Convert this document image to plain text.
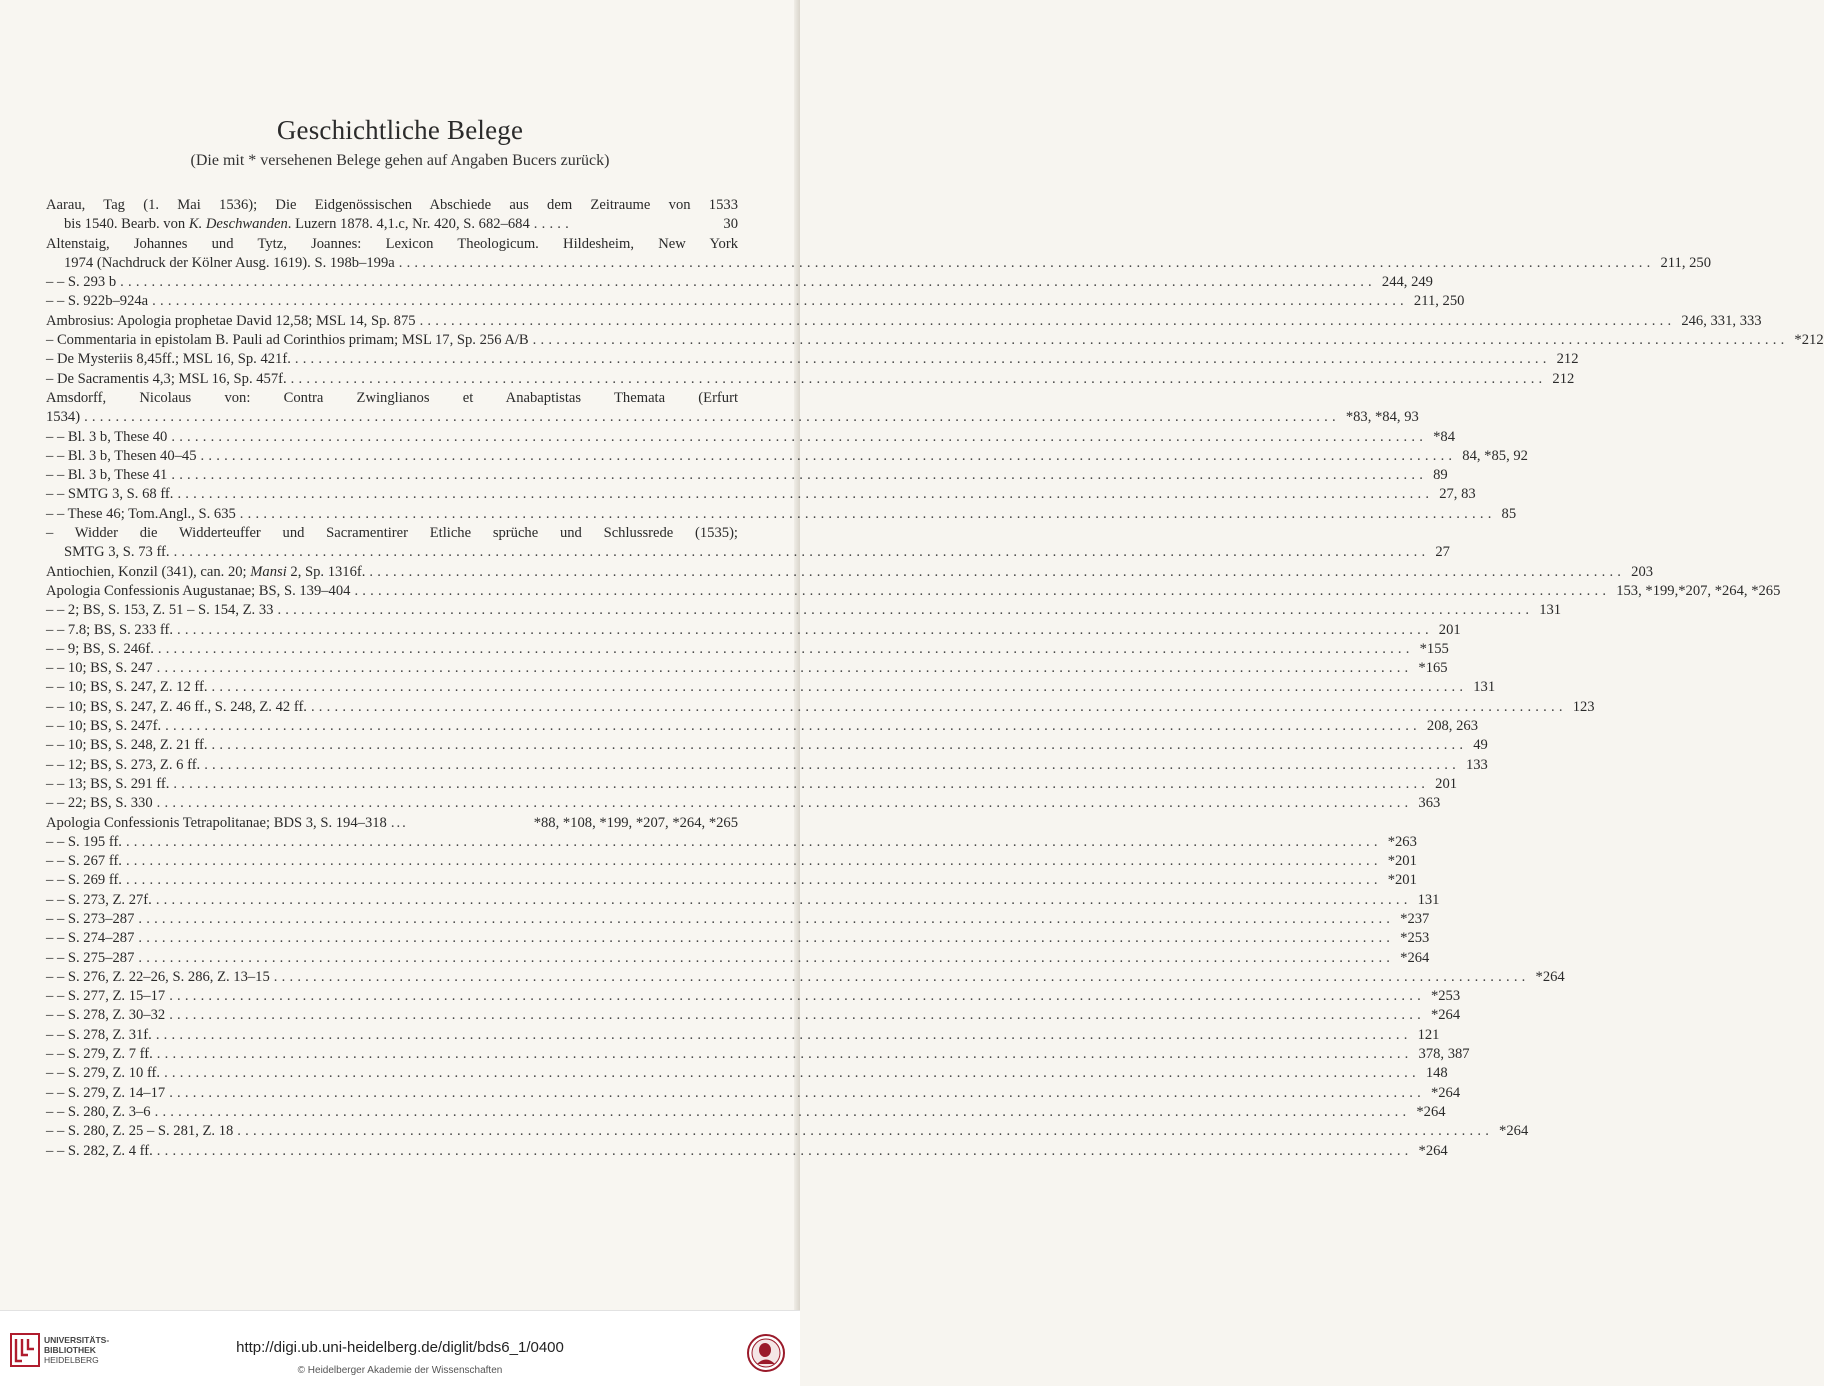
Geschichtliche Belege
(Die mit * versehenen Belege gehen auf Angaben Bucers zurück)
Aarau, Tag (1. Mai 1536); Die Eidgenössischen Abschiede aus dem Zeitraume von 1533
bis 1540. Bearb. von K. Deschwanden. Luzern 1878. 4,1.c, Nr. 420, S. 682–684 .....	30
Altenstaig, Johannes und Tytz, Joannes: Lexicon Theologicum. Hildesheim, New York
1974 (Nachdruck der Kölner Ausg. 1619). S. 198b–199a ................................................................................................................................................................ 211, 250
– – S. 293 b ................................................................................................................................................................ 244, 249
– – S. 922b–924a ................................................................................................................................................................ 211, 250
Ambrosius: Apologia prophetae David 12,58; MSL 14, Sp. 875 ................................................................................................................................................................ 246, 331, 333
– Commentaria in epistolam B. Pauli ad Corinthios primam; MSL 17, Sp. 256 A/B ................................................................................................................................................................ *212
– De Mysteriis 8,45ff.; MSL 16, Sp. 421f. ................................................................................................................................................................ 212
– De Sacramentis 4,3; MSL 16, Sp. 457f. ................................................................................................................................................................ 212
Amsdorff, Nicolaus von: Contra Zwinglianos et Anabaptistas Themata (Erfurt
1534) ................................................................................................................................................................ *83, *84, 93
– – Bl. 3 b, These 40 ................................................................................................................................................................ *84
– – Bl. 3 b, Thesen 40–45 ................................................................................................................................................................ 84, *85, 92
– – Bl. 3 b, These 41 ................................................................................................................................................................ 89
– – SMTG 3, S. 68 ff. ................................................................................................................................................................ 27, 83
– – These 46; Tom.Angl., S. 635 ................................................................................................................................................................ 85
– Widder die Widderteuffer und Sacramentirer Etliche sprüche und Schlussrede (1535);
SMTG 3, S. 73 ff. ................................................................................................................................................................ 27
Antiochien, Konzil (341), can. 20; Mansi 2, Sp. 1316f. ................................................................................................................................................................ 203
Apologia Confessionis Augustanae; BS, S. 139–404 ................................................................................................................................................................ 153, *199,*207, *264, *265
– – 2; BS, S. 153, Z. 51 – S. 154, Z. 33 ................................................................................................................................................................ 131
– – 7.8; BS, S. 233 ff. ................................................................................................................................................................ 201
– – 9; BS, S. 246f. ................................................................................................................................................................ *155
– – 10; BS, S. 247 ................................................................................................................................................................ *165
– – 10; BS, S. 247, Z. 12 ff. ................................................................................................................................................................ 131
– – 10; BS, S. 247, Z. 46 ff., S. 248, Z. 42 ff. ................................................................................................................................................................ 123
– – 10; BS, S. 247f. ................................................................................................................................................................ 208, 263
– – 10; BS, S. 248, Z. 21 ff. ................................................................................................................................................................ 49
– – 12; BS, S. 273, Z. 6 ff. ................................................................................................................................................................ 133
– – 13; BS, S. 291 ff. ................................................................................................................................................................ 201
– – 22; BS, S. 330 ................................................................................................................................................................ 363
Apologia Confessionis Tetrapolitanae; BDS 3, S. 194–318 ...	*88, *108, *199, *207, *264, *265
– – S. 195 ff. ................................................................................................................................................................ *263
– – S. 267 ff. ................................................................................................................................................................ *201
– – S. 269 ff. ................................................................................................................................................................ *201
– – S. 273, Z. 27f. ................................................................................................................................................................ 131
– – S. 273–287 ................................................................................................................................................................ *237
– – S. 274–287 ................................................................................................................................................................ *253
– – S. 275–287 ................................................................................................................................................................ *264
– – S. 276, Z. 22–26, S. 286, Z. 13–15 ................................................................................................................................................................ *264
– – S. 277, Z. 15–17 ................................................................................................................................................................ *253
– – S. 278, Z. 30–32 ................................................................................................................................................................ *264
– – S. 278, Z. 31f. ................................................................................................................................................................ 121
– – S. 279, Z. 7 ff. ................................................................................................................................................................ 378, 387
– – S. 279, Z. 10 ff. ................................................................................................................................................................ 148
– – S. 279, Z. 14–17 ................................................................................................................................................................ *264
– – S. 280, Z. 3–6 ................................................................................................................................................................ *264
– – S. 280, Z. 25 – S. 281, Z. 18 ................................................................................................................................................................ *264
– – S. 282, Z. 4 ff. ................................................................................................................................................................ *264
UNIVERSITÄTS-
BIBLIOTHEK
HEIDELBERG
http://digi.ub.uni-heidelberg.de/diglit/bds6_1/0400
© Heidelberger Akademie der Wissenschaften
